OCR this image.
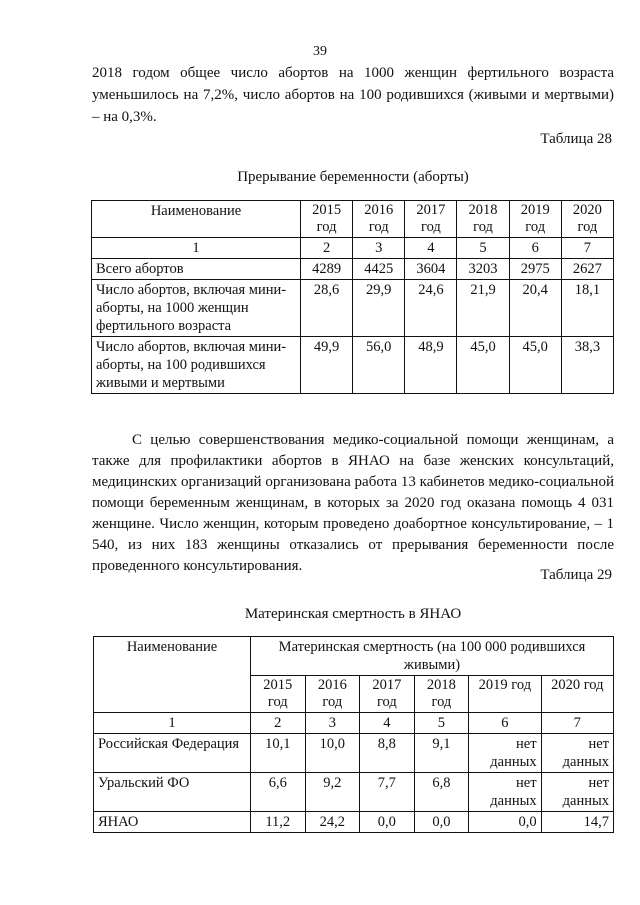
39
2018 годом общее число абортов на 1000 женщин фертильного возраста уменьшилось на 7,2%, число абортов на 100 родившихся (живыми и мертвыми) – на 0,3%.
Таблица 28
Прерывание беременности (аборты)
Наименование	2015 год	2016 год	2017 год	2018 год	2019 год	2020 год
1	2	3	4	5	6	7
Всего абортов	4289	4425	3604	3203	2975	2627
Число абортов, включая мини-аборты, на 1000 женщин фертильного возраста	28,6	29,9	24,6	21,9	20,4	18,1
Число абортов, включая мини-аборты, на 100 родившихся живыми и мертвыми	49,9	56,0	48,9	45,0	45,0	38,3
С целью совершенствования медико-социальной помощи женщинам, а также для профилактики абортов в ЯНАО на базе женских консультаций, медицинских организаций организована работа 13 кабинетов медико-социальной помощи беременным женщинам, в которых за 2020 год оказана помощь 4 031 женщине. Число женщин, которым проведено доабортное консультирование, – 1 540, из них 183 женщины отказались от прерывания беременности после проведенного консультирования.
Таблица 29
Материнская смертность в ЯНАО
Наименование	Материнская смертность (на 100 000 родившихся живыми)					
	2015 год	2016 год	2017 год	2018 год	2019 год	2020 год
1	2	3	4	5	6	7
Российская Федерация	10,1	10,0	8,8	9,1	нет данных	нет данных
Уральский ФО	6,6	9,2	7,7	6,8	нет данных	нет данных
ЯНАО	11,2	24,2	0,0	0,0	0,0	14,7
